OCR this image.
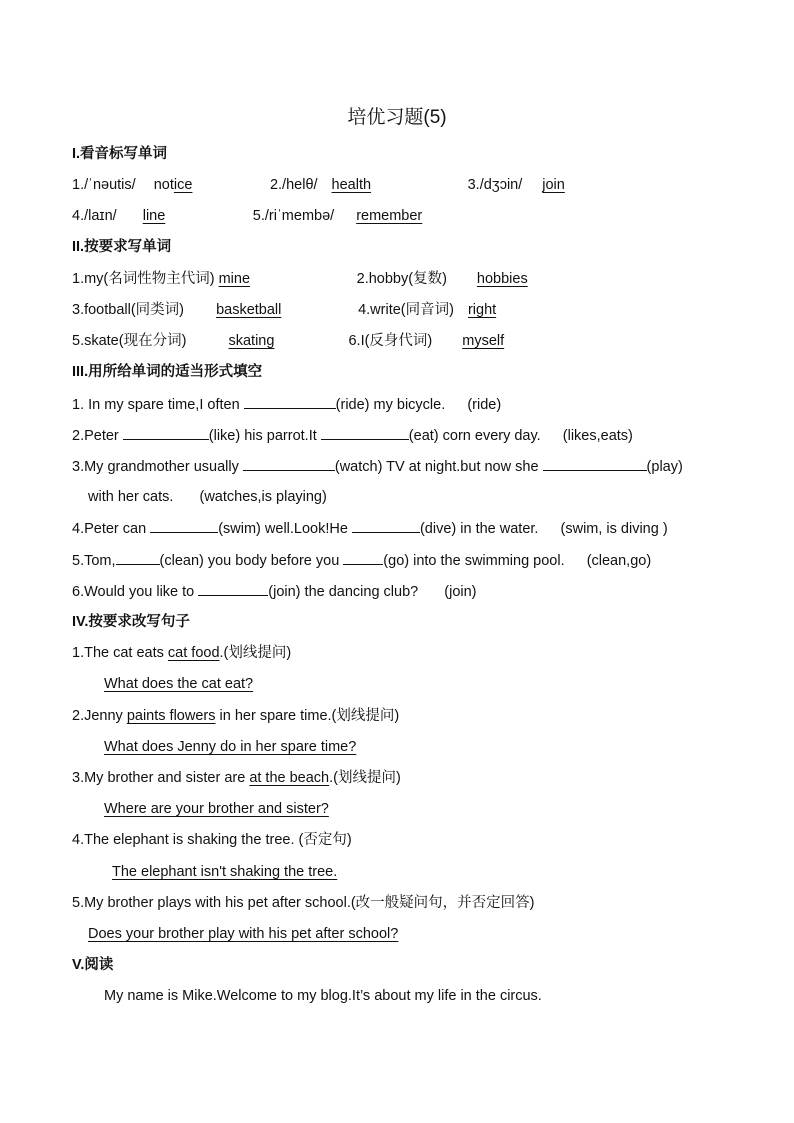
培优习题(5)
I.看音标写单词
1./ˈnəutis/ notice	2./helθ/ health	3./dʒɔin/ join
4./laɪn/ line	5./riˈmembə/ remember
II.按要求写单词
1.my(名词性物主代词) mine	2.hobby(复数) hobbies
3.football(同类词) basketball	4.write(同音词) right
5.skate(现在分词)	skating	6.I(反身代词) myself
III.用所给单词的适当形式填空
1. In my spare time,I often	(ride) my bicycle. (ride)
2.Peter	(like) his parrot.It	(eat) corn every day. (likes,eats)
3.My grandmother usually	(watch) TV at night.but now she	(play)
with her cats. (watches,is playing)
4.Peter can	(swim) well.Look!He	(dive) in the water. (swim, is diving )
5.Tom,	(clean) you body before you	(go) into the swimming pool. (clean,go)
6.Would you like to	(join) the dancing club? (join)
IV.按要求改写句子
1.The cat eats cat food.(划线提问)
What does the cat eat?
2.Jenny paints flowers in her spare time.(划线提问)
What does Jenny do in her spare time?
3.My brother and sister are at the beach.(划线提问)
Where are your brother and sister?
4.The elephant is shaking the tree. (否定句)
The elephant isn't shaking the tree.
5.My brother plays with his pet after school.(改一般疑问句，并否定回答)
Does your brother play with his pet after school?
V.阅读
My name is Mike.Welcome to my blog.It’s about my life in the circus.
